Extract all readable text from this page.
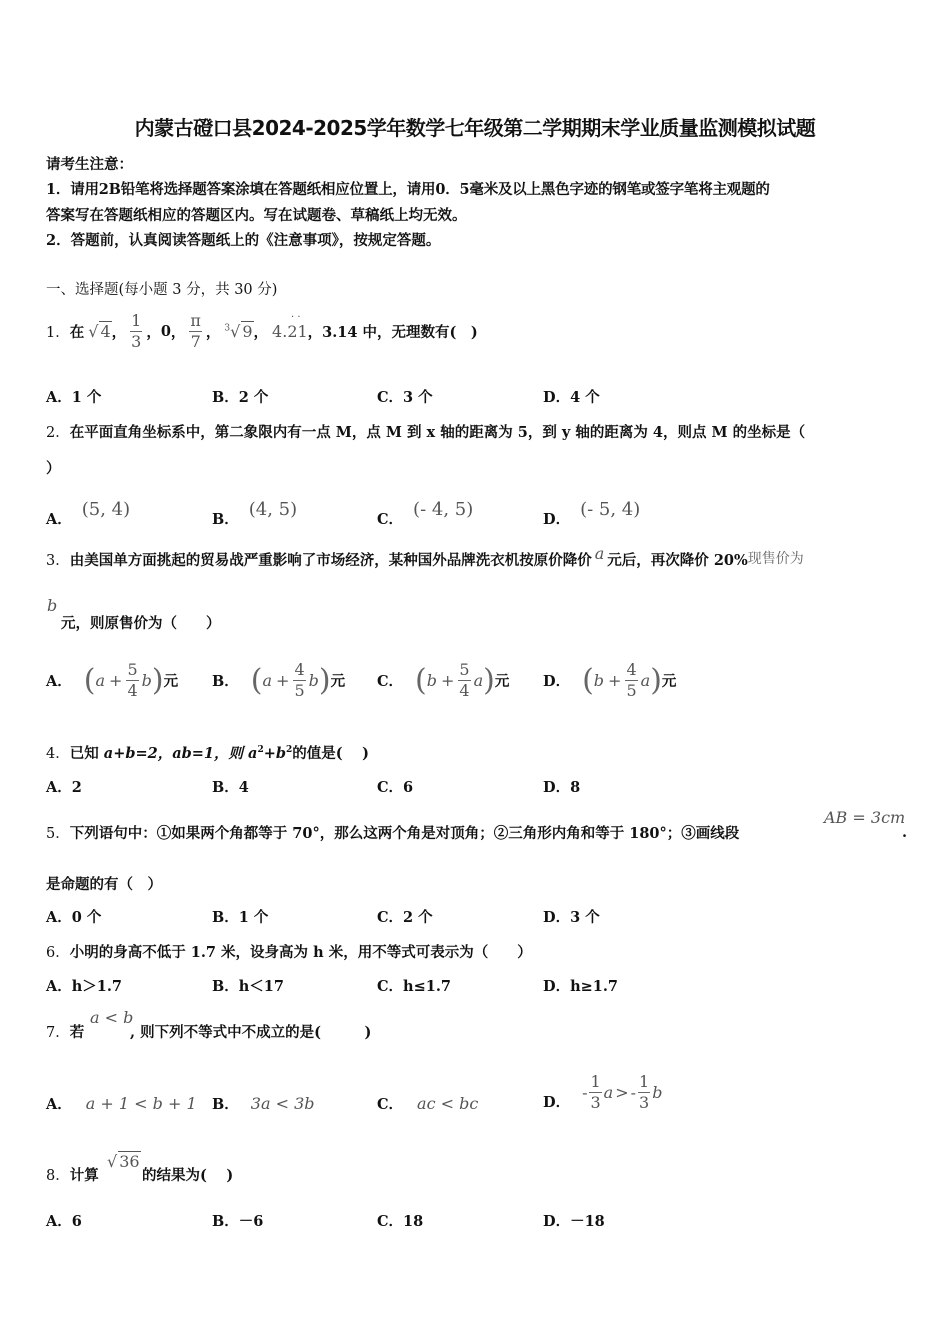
内蒙古磴口县2024-2025学年数学七年级第二学期期末学业质量监测模拟试题
请考生注意：
1．请用2B铅笔将选择题答案涂填在答题纸相应位置上，请用0．5毫米及以上黑色字迹的钢笔或签字笔将主观题的
答案写在答题纸相应的答题区内。写在试题卷、草稿纸上均无效。
2．答题前，认真阅读答题纸上的《注意事项》，按规定答题。
一、选择题(每小题 3 分，共 30 分)
1． 在 √ 4 ， $\frac{1}{3}$ ， 0 ， $\frac{\pi}{7}$ ， $^3$√ 9 ， 4.21
· ·
， 3.14 中，无理数有(　)
A．1 个	B．2 个	C．3 个	D．4 个
2．在平面直角坐标系中，第二象限内有一点 M，点 M 到 x 轴的距离为 5，到 y 轴的距离为 4，则点 M 的坐标是（
）
A． (5, 4)	B． (4, 5)	C． (- 4, 5)	D． (- 5, 4)
3．由美国单方面挑起的贸易战严重影响了市场经济，某种国外品牌洗衣机按原价降价 a 元后，再次降价 20%现售价为
b
元，则原售价为（　　）
A． ( $a + \frac{5}{4}$ b ) 元 B． ( $a + \frac{4}{5}$ b ) 元 C． ( $b + \frac{5}{4}$ a ) 元 D． ( $b + \frac{4}{5}$ a ) 元
4．已知 a+b=2，ab=1，则 $a^2+b^2$的值是(　 )
A．2	B．4	C．6	D．8
5．下列语句中：①如果两个角都等于 70°，那么这两个角是对顶角；②三角形内角和等于 180°；③画线段
AB = 3cm
.
是命题的有（　）
A．0 个	B．1 个	C．2 个	D．3 个
6．小明的身高不低于 1.7 米，设身高为 h 米，用不等式可表示为（　　）
A．h＞1.7	B．h＜17	C．h≤1.7	D．h≥1.7
7．若
a < b
, 则下列不等式中不成立的是(　　　)
A． a + 1 < b + 1 B． 3a < 3b	C． ac < bc	D．
- $\frac{1}{3}$ a > - $\frac{1}{3}$ b
8．计算
√ 36
的结果为(　 )
A．6	B．－6	C．18	D．－18
